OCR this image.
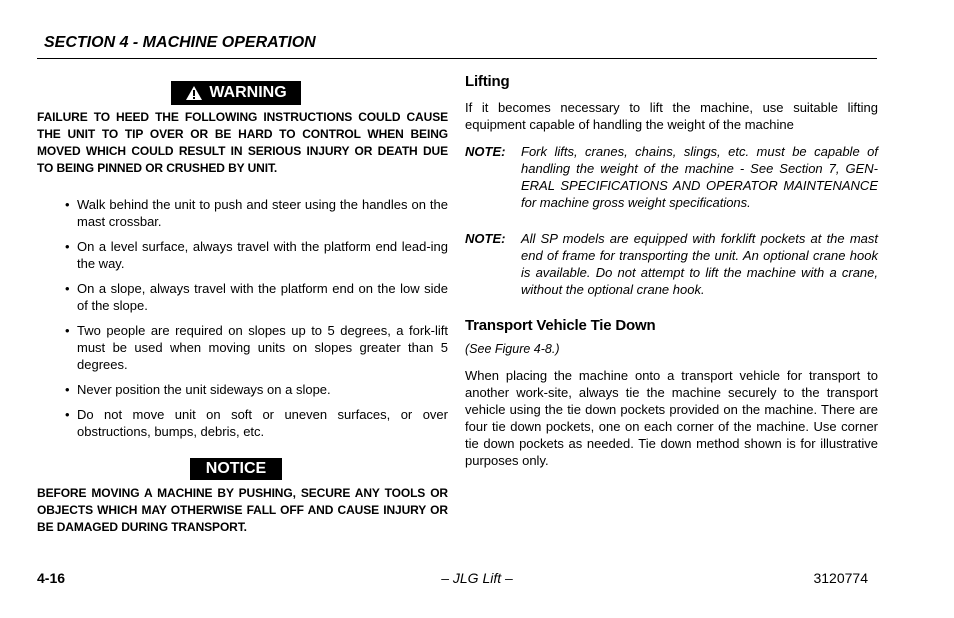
SECTION 4 - MACHINE OPERATION
WARNING

FAILURE TO HEED THE FOLLOWING INSTRUCTIONS COULD CAUSE THE UNIT TO TIP OVER OR BE HARD TO CONTROL WHEN BEING MOVED WHICH COULD RESULT IN SERIOUS INJURY OR DEATH DUE TO BEING PINNED OR CRUSHED BY UNIT.

• Walk behind the unit to push and steer using the handles on the mast crossbar.
• On a level surface, always travel with the platform end lead-ing the way.
• On a slope, always travel with the platform end on the low side of the slope.
• Two people are required on slopes up to 5 degrees, a fork-lift must be used when moving units on slopes greater than 5 degrees.
• Never position the unit sideways on a slope.
• Do not move unit on soft or uneven surfaces, or over obstructions, bumps, debris, etc.
NOTICE

BEFORE MOVING A MACHINE BY PUSHING, SECURE ANY TOOLS OR OBJECTS WHICH MAY OTHERWISE FALL OFF AND CAUSE INJURY OR BE DAMAGED DURING TRANSPORT.

Lifting

If it becomes necessary to lift the machine, use suitable lifting equipment capable of handling the weight of the machine

NOTE:	Fork lifts, cranes, chains, slings, etc. must be capable of handling the weight of the machine - See Section 7, GEN-ERAL SPECIFICATIONS AND OPERATOR MAINTENANCE for machine gross weight specifications.
NOTE:	All SP models are equipped with forklift pockets at the mast end of frame for transporting the unit. An optional crane hook is available. Do not attempt to lift the machine with a crane, without the optional crane hook.
Transport Vehicle Tie Down
(See Figure 4-8.)

When placing the machine onto a transport vehicle for transport to another work-site, always tie the machine securely to the transport vehicle using the tie down pockets provided on the machine. There are four tie down pockets, one on each corner of the machine. Use corner tie down pockets as needed. Tie down method shown is for illustrative purposes only.

4-16	– JLG Lift –	3120774
